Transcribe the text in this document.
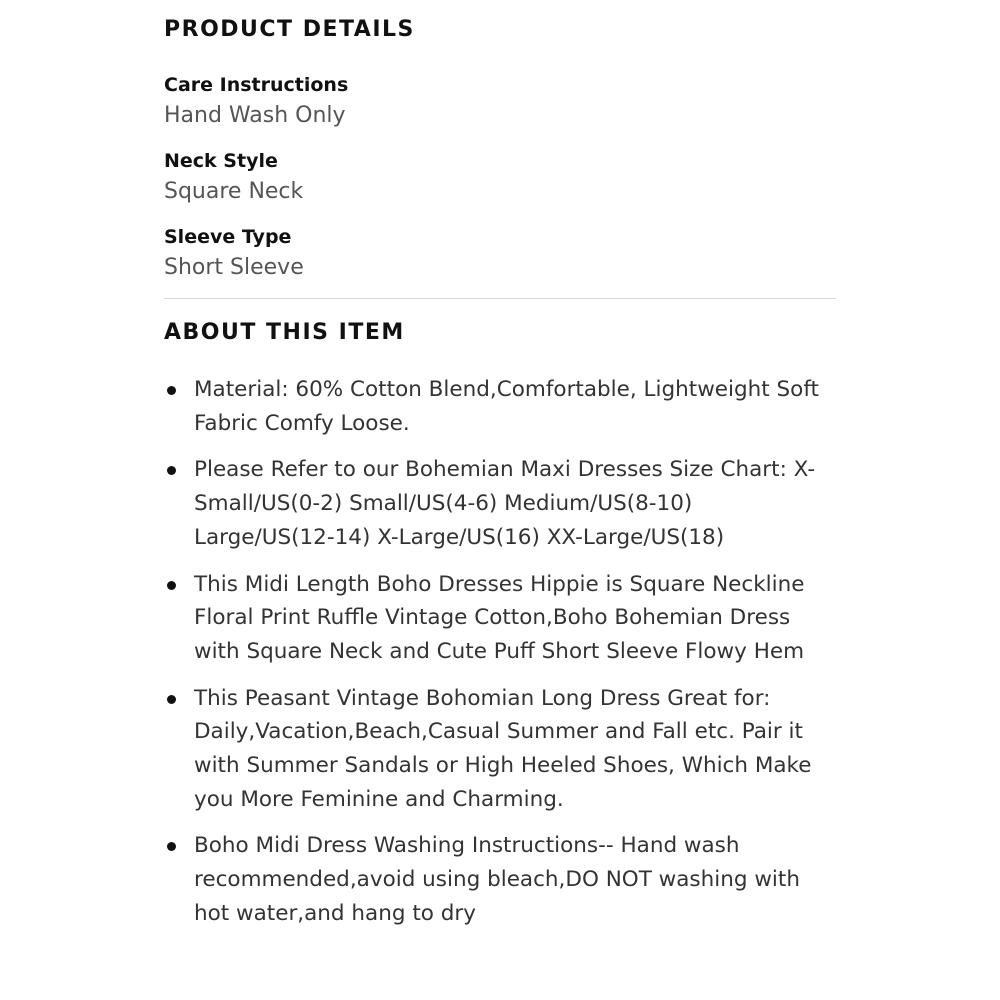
PRODUCT DETAILS
Care Instructions
Hand Wash Only
Neck Style
Square Neck
Sleeve Type
Short Sleeve
ABOUT THIS ITEM
Material: 60% Cotton Blend,Comfortable, Lightweight Soft Fabric Comfy Loose.
Please Refer to our Bohemian Maxi Dresses Size Chart: X-Small/US(0-2) Small/US(4-6) Medium/US(8-10) Large/US(12-14) X-Large/US(16) XX-Large/US(18)
This Midi Length Boho Dresses Hippie is Square Neckline Floral Print Ruffle Vintage Cotton,Boho Bohemian Dress with Square Neck and Cute Puff Short Sleeve Flowy Hem
This Peasant Vintage Bohomian Long Dress Great for: Daily,Vacation,Beach,Casual Summer and Fall etc. Pair it with Summer Sandals or High Heeled Shoes, Which Make you More Feminine and Charming.
Boho Midi Dress Washing Instructions-- Hand wash recommended,avoid using bleach,DO NOT washing with hot water,and hang to dry
